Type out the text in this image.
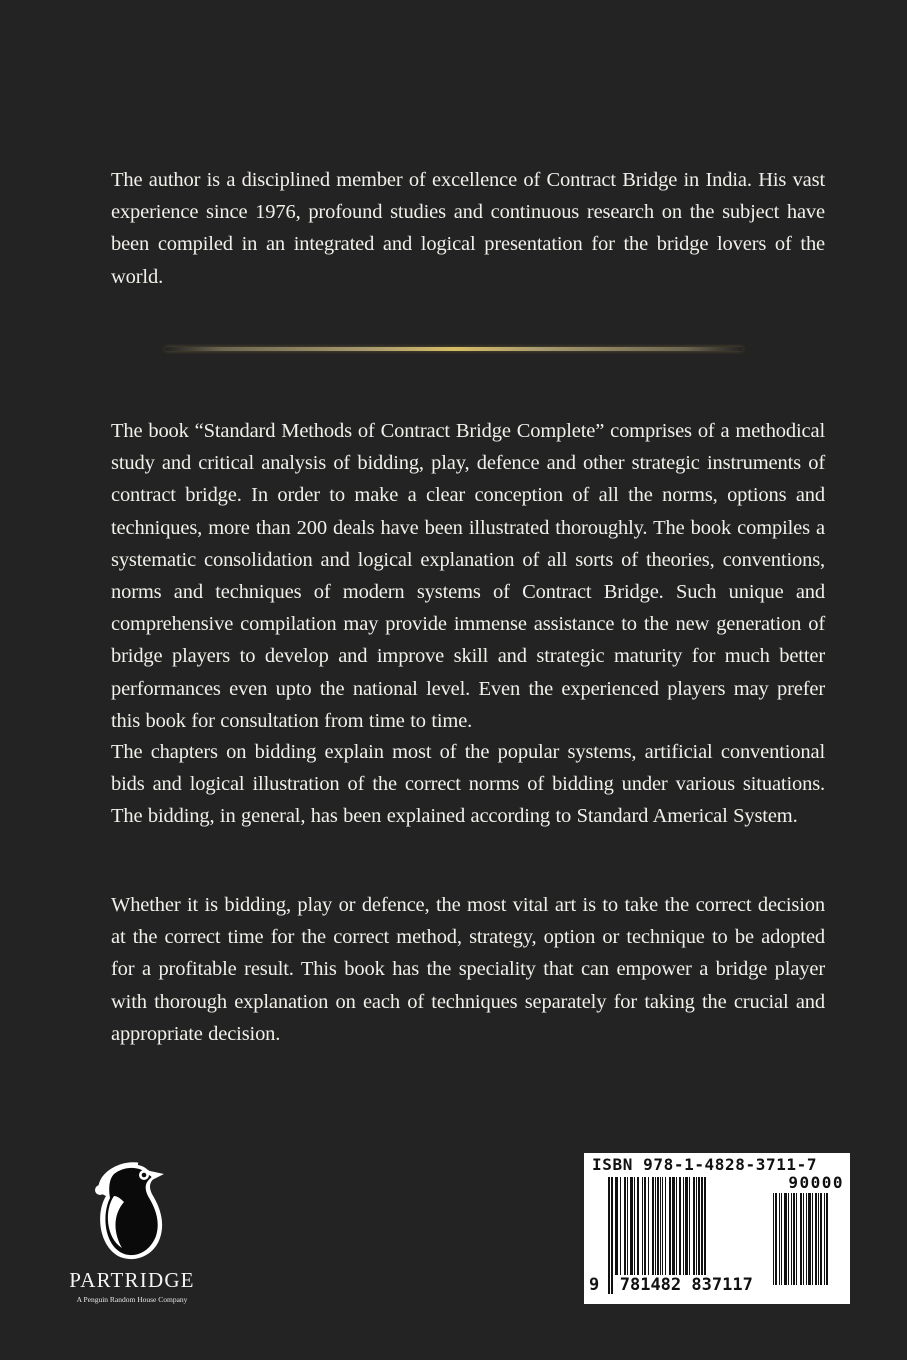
The author is a disciplined member of excellence of Contract Bridge in India. His vast experience since 1976, profound studies and continuous research on the subject have been compiled in an integrated and logical presentation for the bridge lovers of the world.

The book “Standard Methods of Contract Bridge Complete” comprises of a methodical study and critical analysis of bidding, play, defence and other strategic instruments of contract bridge. In order to make a clear conception of all the norms, options and techniques, more than 200 deals have been illustrated thoroughly. The book compiles a systematic consolidation and logical explanation of all sorts of theories, conventions, norms and techniques of modern systems of Contract Bridge. Such unique and comprehensive compilation may provide immense assistance to the new generation of bridge players to develop and improve skill and strategic maturity for much better performances even upto the national level. Even the experienced players may prefer this book for consultation from time to time.

The chapters on bidding explain most of the popular systems, artificial conventional bids and logical illustration of the correct norms of bidding under various situations. The bidding, in general, has been explained according to Standard Americal System.

Whether it is bidding, play or defence, the most vital art is to take the correct decision at the correct time for the correct method, strategy, option or technique to be adopted for a profitable result. This book has the speciality that can empower a bridge player with thorough explanation on each of techniques separately for taking the crucial and appropriate decision.

PARTRIDGE
A Penguin Random House Company
ISBN 978-1-4828-3711-7
90000
9 781482 837117
